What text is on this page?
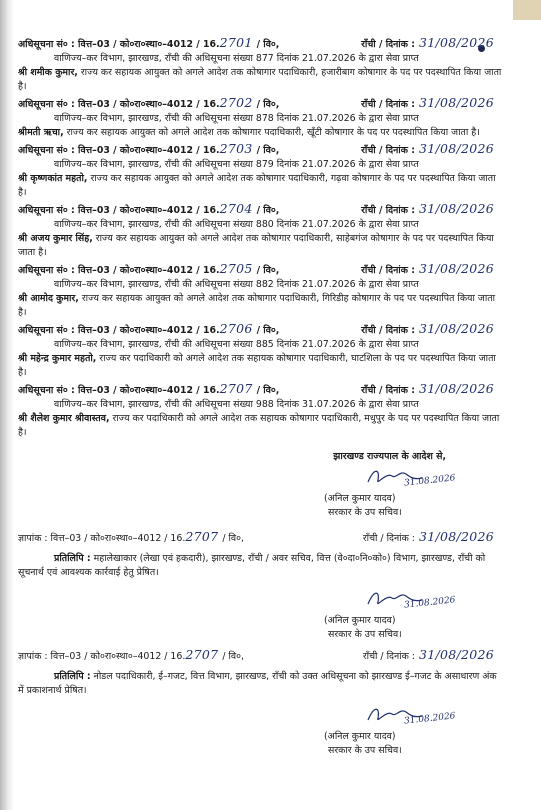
अधिसूचना सं० : वित्त–03 / को०रा०स्था०–4012 / 16. 2701 / वि०,	राँची / दिनांक : 31/08/2026

वाणिज्य–कर विभाग, झारखण्ड, राँची की अधिसूचना संख्या 877 दिनांक 21.07.2026 के द्वारा सेवा प्राप्त

श्री शमीक कुमार, राज्य कर सहायक आयुक्त को अगले आदेश तक कोषागार पदाधिकारी, हजारीबाग कोषागार के पद पर पदस्थापित किया जाता है।

अधिसूचना सं० : वित्त–03 / को०रा०स्था०–4012 / 16. 2702 / वि०,	राँची / दिनांक : 31/08/2026

वाणिज्य–कर विभाग, झारखण्ड, राँची की अधिसूचना संख्या 878 दिनांक 21.07.2026 के द्वारा सेवा प्राप्त

श्रीमती ऋचा, राज्य कर सहायक आयुक्त को अगले आदेश तक कोषागार पदाधिकारी, खूँटी कोषागार के पद पर पदस्थापित किया जाता है।

अधिसूचना सं० : वित्त–03 / को०रा०स्था०–4012 / 16. 2703 / वि०,	राँची / दिनांक : 31/08/2026

वाणिज्य–कर विभाग, झारखण्ड, राँची की अधिसूचना संख्या 879 दिनांक 21.07.2026 के द्वारा सेवा प्राप्त

श्री कृष्णकांत महतो, राज्य कर सहायक आयुक्त को अगले आदेश तक कोषागार पदाधिकारी, गढ़वा कोषागार के पद पर पदस्थापित किया जाता है।

अधिसूचना सं० : वित्त–03 / को०रा०स्था०–4012 / 16. 2704 / वि०,	राँची / दिनांक : 31/08/2026

वाणिज्य–कर विभाग, झारखण्ड, राँची की अधिसूचना संख्या 880 दिनांक 21.07.2026 के द्वारा सेवा प्राप्त

श्री अजय कुमार सिंह, राज्य कर सहायक आयुक्त को अगले आदेश तक कोषागार पदाधिकारी, साहेबगंज कोषागार के पद पर पदस्थापित किया जाता है।

अधिसूचना सं० : वित्त–03 / को०रा०स्था०–4012 / 16. 2705 / वि०,	राँची / दिनांक : 31/08/2026

वाणिज्य–कर विभाग, झारखण्ड, राँची की अधिसूचना संख्या 882 दिनांक 21.07.2026 के द्वारा सेवा प्राप्त

श्री आमोद कुमार, राज्य कर सहायक आयुक्त को अगले आदेश तक कोषागार पदाधिकारी, गिरिडीह कोषागार के पद पर पदस्थापित किया जाता है।

अधिसूचना सं० : वित्त–03 / को०रा०स्था०–4012 / 16. 2706 / वि०,	राँची / दिनांक : 31/08/2026

वाणिज्य–कर विभाग, झारखण्ड, राँची की अधिसूचना संख्या 885 दिनांक 21.07.2026 के द्वारा सेवा प्राप्त

श्री महेन्द्र कुमार महतो, राज्य कर पदाधिकारी को अगले आदेश तक सहायक कोषागार पदाधिकारी, घाटशिला के पद पर पदस्थापित किया जाता है।

अधिसूचना सं० : वित्त–03 / को०रा०स्था०–4012 / 16. 2707 / वि०,	राँची / दिनांक : 31/08/2026

वाणिज्य–कर विभाग, झारखण्ड, राँची की अधिसूचना संख्या 988 दिनांक 31.07.2026 के द्वारा सेवा प्राप्त

श्री शैलेश कुमार श्रीवास्तव, राज्य कर पदाधिकारी को अगले आदेश तक सहायक कोषागार पदाधिकारी, मधुपुर के पद पर पदस्थापित किया जाता है।

झारखण्ड राज्यपाल के आदेश से,
31.08.2026
(अनिल कुमार यादव)
सरकार के उप सचिव।
ज्ञापांक : वित्त–03 / को०रा०स्था०–4012 / 16. 2707 / वि०,	राँची / दिनांक : 31/08/2026

प्रतिलिपि : महालेखाकार (लेखा एवं हकदारी), झारखण्ड, राँची / अवर सचिव, वित्त (वे०दा०नि०को०) विभाग, झारखण्ड, राँची को सूचनार्थ एवं आवश्यक कार्रवाई हेतु प्रेषित।

31.08.2026
(अनिल कुमार यादव)
सरकार के उप सचिव।
ज्ञापांक : वित्त–03 / को०रा०स्था०–4012 / 16. 2707 / वि०,	राँची / दिनांक : 31/08/2026

प्रतिलिपि : नोडल पदाधिकारी, ई–गजट, वित्त विभाग, झारखण्ड, राँची को उक्त अधिसूचना को झारखण्ड ई–गजट के असाधारण अंक में प्रकाशनार्थ प्रेषित।

31.08.2026
(अनिल कुमार यादव)
सरकार के उप सचिव।
